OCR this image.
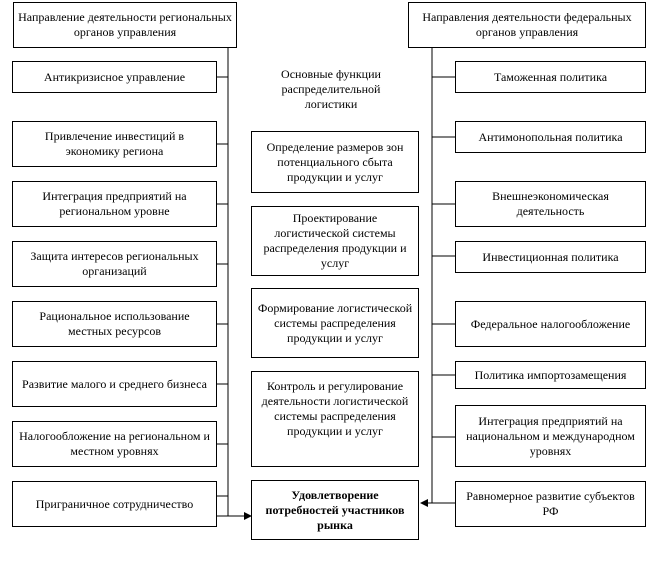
Направление деятельности региональных органов управления
Направления деятельности федеральных органов управления
Антикризисное управление
Привлечение инвестиций в экономику региона
Интеграция предприятий на региональном уровне
Защита интересов региональных организаций
Рациональное использование местных ресурсов
Развитие малого и среднего бизнеса
Налогообложение на региональном и местном уровнях
Приграничное сотрудничество
Основные функции распределительной логистики
Определение размеров зон потенциального сбыта продукции и услуг
Проектирование логистической системы распределения продукции и услуг
Формирование логистической системы распределения продукции и услуг
Контроль и регулирование деятельности логистической системы распределения продукции и услуг
Удовлетворение потребностей участников рынка
Таможенная политика
Антимонопольная политика
Внешнеэкономическая деятельность
Инвестиционная политика
Федеральное налогообложение
Политика импортозамещения
Интеграция предприятий на национальном и международном уровнях
Равномерное развитие субъектов РФ
